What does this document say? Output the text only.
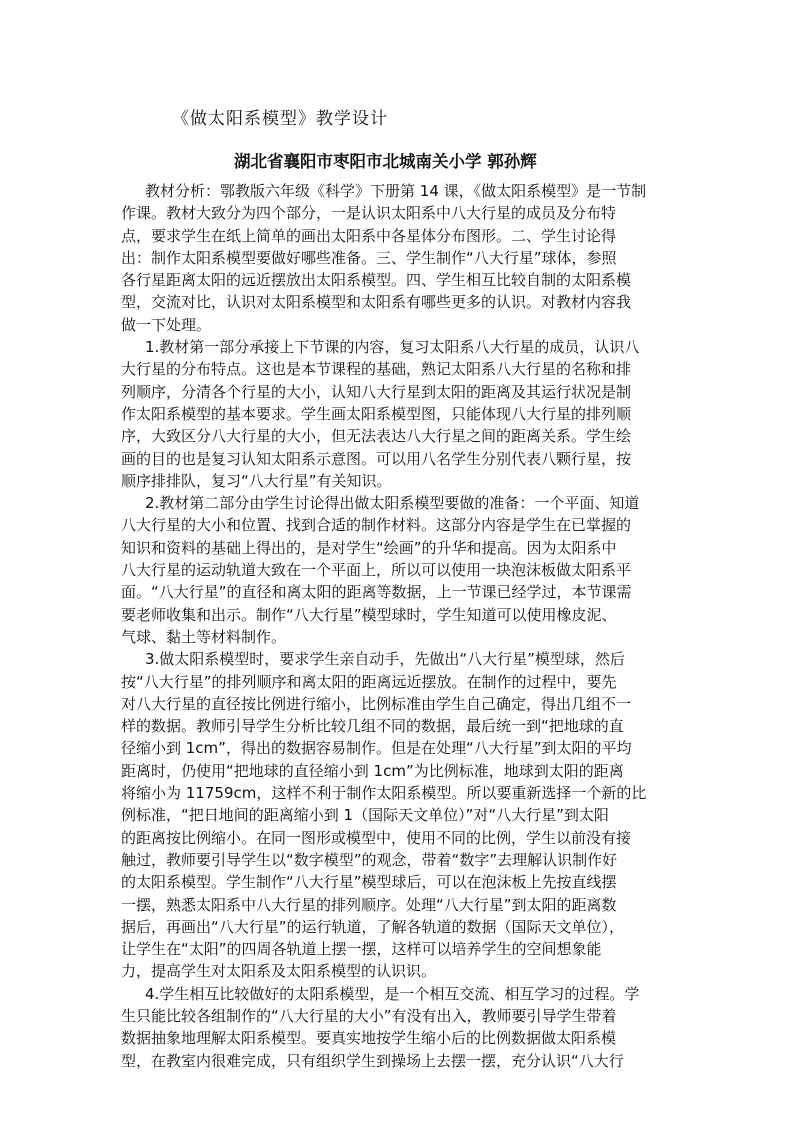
《做太阳系模型》教学设计
湖北省襄阳市枣阳市北城南关小学 郭孙辉
教材分析：鄂教版六年级《科学》下册第 14 课，《做太阳系模型》是一节制
作课。教材大致分为四个部分，一是认识太阳系中八大行星的成员及分布特
点，要求学生在纸上简单的画出太阳系中各星体分布图形。二、学生讨论得
出：制作太阳系模型要做好哪些准备。三、学生制作“八大行星”球体，参照
各行星距离太阳的远近摆放出太阳系模型。四、学生相互比较自制的太阳系模
型，交流对比，认识对太阳系模型和太阳系有哪些更多的认识。对教材内容我
做一下处理。
1.教材第一部分承接上下节课的内容，复习太阳系八大行星的成员，认识八
大行星的分布特点。这也是本节课程的基础，熟记太阳系八大行星的名称和排
列顺序，分清各个行星的大小，认知八大行星到太阳的距离及其运行状况是制
作太阳系模型的基本要求。学生画太阳系模型图，只能体现八大行星的排列顺
序，大致区分八大行星的大小，但无法表达八大行星之间的距离关系。学生绘
画的目的也是复习认知太阳系示意图。可以用八名学生分别代表八颗行星，按
顺序排排队，复习“八大行星”有关知识。
2.教材第二部分由学生讨论得出做太阳系模型要做的准备：一个平面、知道
八大行星的大小和位置、找到合适的制作材料。这部分内容是学生在已掌握的
知识和资料的基础上得出的，是对学生“绘画”的升华和提高。因为太阳系中
八大行星的运动轨道大致在一个平面上，所以可以使用一块泡沫板做太阳系平
面。“八大行星”的直径和离太阳的距离等数据，上一节课已经学过，本节课需
要老师收集和出示。制作“八大行星”模型球时，学生知道可以使用橡皮泥、
气球、黏土等材料制作。
3.做太阳系模型时，要求学生亲自动手，先做出“八大行星”模型球，然后
按“八大行星”的排列顺序和离太阳的距离远近摆放。在制作的过程中，要先
对八大行星的直径按比例进行缩小，比例标准由学生自己确定，得出几组不一
样的数据。教师引导学生分析比较几组不同的数据，最后统一到“把地球的直
径缩小到 1cm”，得出的数据容易制作。但是在处理“八大行星”到太阳的平均
距离时，仍使用“把地球的直径缩小到 1cm”为比例标准，地球到太阳的距离
将缩小为 11759cm，这样不利于制作太阳系模型。所以要重新选择一个新的比
例标准，“把日地间的距离缩小到 1（国际天文单位）”对“八大行星”到太阳
的距离按比例缩小。在同一图形或模型中，使用不同的比例，学生以前没有接
触过，教师要引导学生以“数字模型”的观念，带着“数字”去理解认识制作好
的太阳系模型。学生制作“八大行星”模型球后，可以在泡沫板上先按直线摆
一摆，熟悉太阳系中八大行星的排列顺序。处理“八大行星”到太阳的距离数
据后，再画出“八大行星”的运行轨道，了解各轨道的数据（国际天文单位），
让学生在“太阳”的四周各轨道上摆一摆，这样可以培养学生的空间想象能
力，提高学生对太阳系及太阳系模型的认识识。
4.学生相互比较做好的太阳系模型，是一个相互交流、相互学习的过程。学
生只能比较各组制作的“八大行星的大小”有没有出入，教师要引导学生带着
数据抽象地理解太阳系模型。要真实地按学生缩小后的比例数据做太阳系模
型，在教室内很难完成，只有组织学生到操场上去摆一摆，充分认识“八大行
